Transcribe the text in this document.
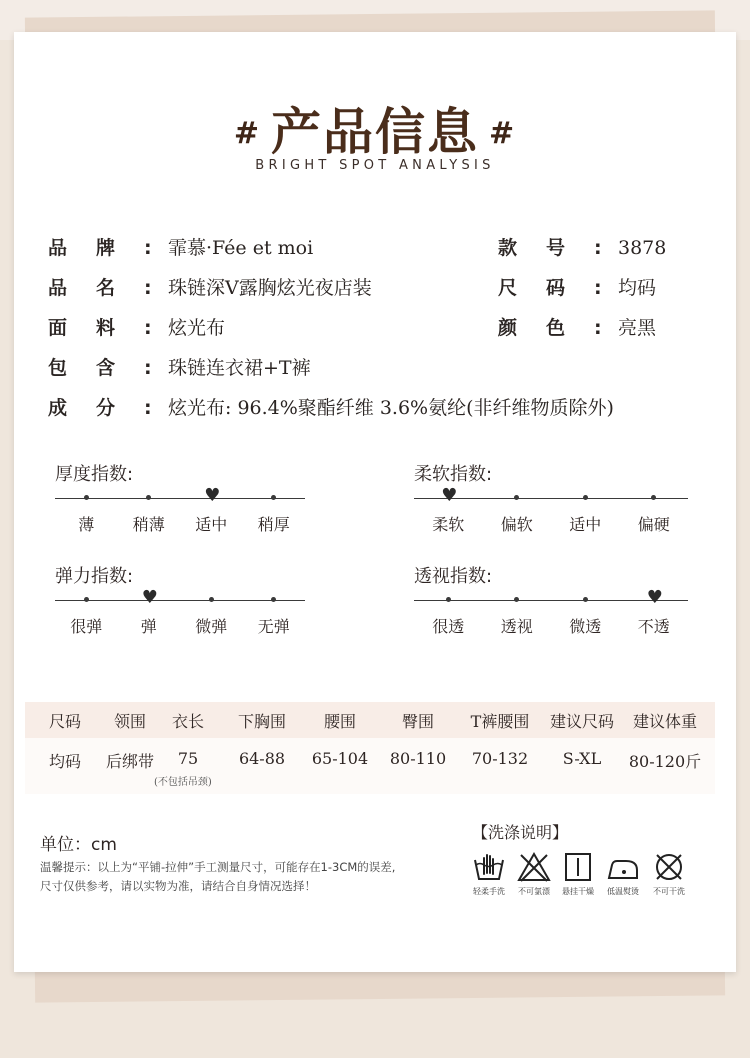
# 产品信息 #
BRIGHT SPOT ANALYSIS
品 牌 : 霏慕·Fée et moi
品 名 : 珠链深V露胸炫光夜店装
面 料 : 炫光布
包 含 : 珠链连衣裙+T裤
成 分 : 炫光布: 96.4%聚酯纤维 3.6%氨纶(非纤维物质除外)
款 号 : 3878
尺 码 : 均码
颜 色 : 亮黑
厚度指数:
薄	稍薄
♥
适中	稍厚
柔软指数:
♥
柔软	偏软	适中	偏硬
弹力指数:
很弹
♥
弹	微弹	无弹
透视指数:
很透	透视	微透
♥
不透
尺码	领围	衣长	下胸围	腰围	臀围	T裤腰围	建议尺码	建议体重
均码	后绑带	75	64-88	65-104	80-110	70-132	S-XL	80-120斤
(不包括吊颈)
单位：cm
温馨提示：以上为“平铺-拉伸”手工测量尺寸，可能存在1-3CM的误差,
尺寸仅供参考，请以实物为准，请结合自身情况选择！
【洗涤说明】
轻柔手洗	不可氯漂	悬挂干燥	低温熨烫	不可干洗
